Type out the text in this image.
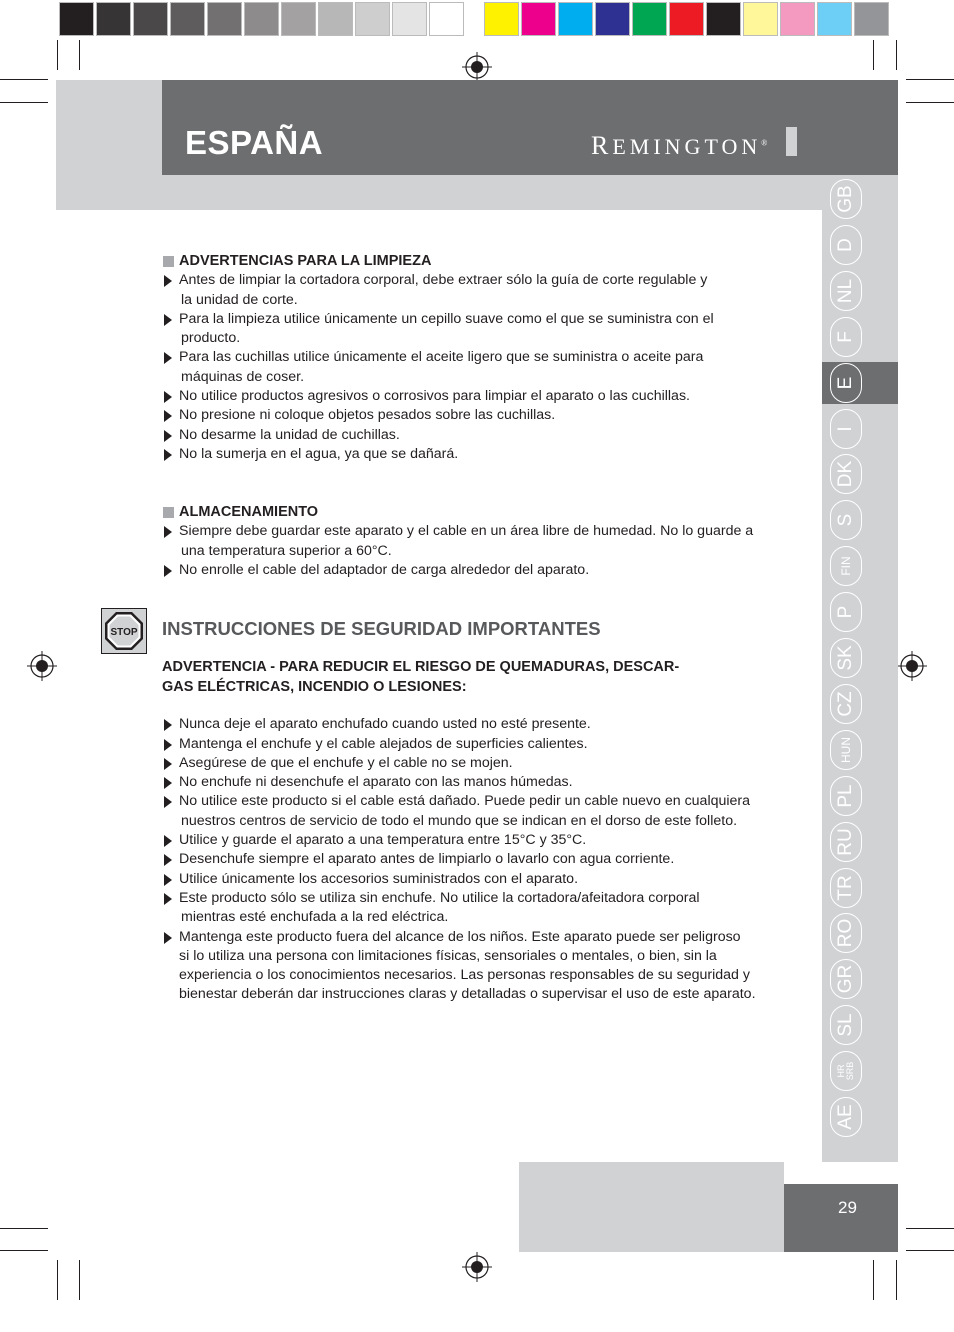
ESPAÑA	REMINGTON®
GB
D
NL
F
E
I
DK
S
FIN
P
SK
CZ
HUN
PL
RU
TR
RO
GR
SL
HR
SRB
AE

ADVERTENCIAS PARA LA LIMPIEZA

Antes de limpiar la cortadora corporal, debe extraer sólo la guía de corte regulable y
la unidad de corte.
Para la limpieza utilice únicamente un cepillo suave como el que se suministra con el
producto.
Para las cuchillas utilice únicamente el aceite ligero que se suministra o aceite para
máquinas de coser.
No utilice productos agresivos o corrosivos para limpiar el aparato o las cuchillas.
No presione ni coloque objetos pesados sobre las cuchillas.
No desarme la unidad de cuchillas.
No la sumerja en el agua, ya que se dañará.

ALMACENAMIENTO

Siempre debe guardar este aparato y el cable en un área libre de humedad. No lo guarde a
una temperatura superior a 60°C.
No enrolle el cable del adaptador de carga alrededor del aparato.
STOP INSTRUCCIONES DE SEGURIDAD IMPORTANTES
ADVERTENCIA - PARA REDUCIR EL RIESGO DE QUEMADURAS, DESCAR-
GAS ELÉCTRICAS, INCENDIO O LESIONES:
Nunca deje el aparato enchufado cuando usted no esté presente.
Mantenga el enchufe y el cable alejados de superficies calientes.
Asegúrese de que el enchufe y el cable no se mojen.
No enchufe ni desenchufe el aparato con las manos húmedas.
No utilice este producto si el cable está dañado. Puede pedir un cable nuevo en cualquiera
nuestros centros de servicio de todo el mundo que se indican en el dorso de este folleto.
Utilice y guarde el aparato a una temperatura entre 15°C y 35°C.
Desenchufe siempre el aparato antes de limpiarlo o lavarlo con agua corriente.
Utilice únicamente los accesorios suministrados con el aparato.
Este producto sólo se utiliza sin enchufe. No utilice la cortadora/afeitadora corporal
mientras esté enchufada a la red eléctrica.
Mantenga este producto fuera del alcance de los niños. Este aparato puede ser peligroso
si lo utiliza una persona con limitaciones físicas, sensoriales o mentales, o bien, sin la
experiencia o los conocimientos necesarios. Las personas responsables de su seguridad y
bienestar deberán dar instrucciones claras y detalladas o supervisar el uso de este aparato.
29
